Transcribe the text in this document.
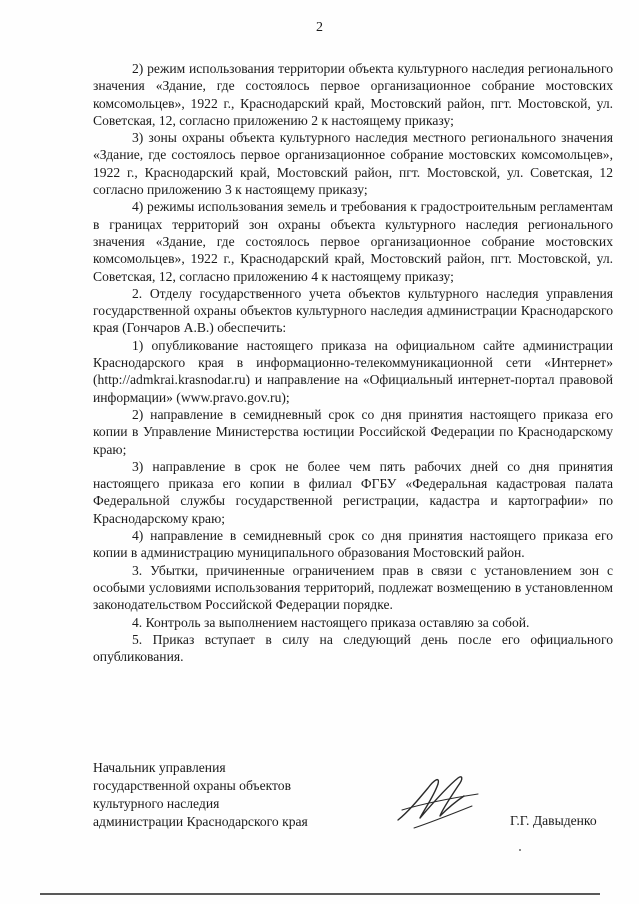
2

2) режим использования территории объекта культурного наследия регионального значения «Здание, где состоялось первое организационное собрание мостовских комсомольцев», 1922 г., Краснодарский край, Мостовский район, пгт. Мостовской, ул. Советская, 12, согласно приложению 2 к настоящему приказу;

3) зоны охраны объекта культурного наследия местного регионального значения «Здание, где состоялось первое организационное собрание мостовских комсомольцев», 1922 г., Краснодарский край, Мостовский район, пгт. Мостовской, ул. Советская, 12 согласно приложению 3 к настоящему приказу;

4) режимы использования земель и требования к градостроительным регламентам в границах территорий зон охраны объекта культурного наследия регионального значения «Здание, где состоялось первое организационное собрание мостовских комсомольцев», 1922 г., Краснодарский край, Мостовский район, пгт. Мостовской, ул. Советская, 12, согласно приложению 4 к настоящему приказу;

2. Отделу государственного учета объектов культурного наследия управления государственной охраны объектов культурного наследия администрации Краснодарского края (Гончаров А.В.) обеспечить:

1) опубликование настоящего приказа на официальном сайте администрации Краснодарского края в информационно-телекоммуникационной сети «Интернет» (http://admkrai.krasnodar.ru) и направление на «Официальный интернет-портал правовой информации» (www.pravo.gov.ru);

2) направление в семидневный срок со дня принятия настоящего приказа его копии в Управление Министерства юстиции Российской Федерации по Краснодарскому краю;

3) направление в срок не более чем пять рабочих дней со дня принятия настоящего приказа его копии в филиал ФГБУ «Федеральная кадастровая палата Федеральной службы государственной регистрации, кадастра и картографии» по Краснодарскому краю;

4) направление в семидневный срок со дня принятия настоящего приказа его копии в администрацию муниципального образования Мостовский район.

3. Убытки, причиненные ограничением прав в связи с установлением зон с особыми условиями использования территорий, подлежат возмещению в установленном законодательством Российской Федерации порядке.

4. Контроль за выполнением настоящего приказа оставляю за собой.

5. Приказ вступает в силу на следующий день после его официального опубликования.

Начальник управления
государственной охраны объектов
культурного наследия
администрации Краснодарского края	Г.Г. Давыденко
